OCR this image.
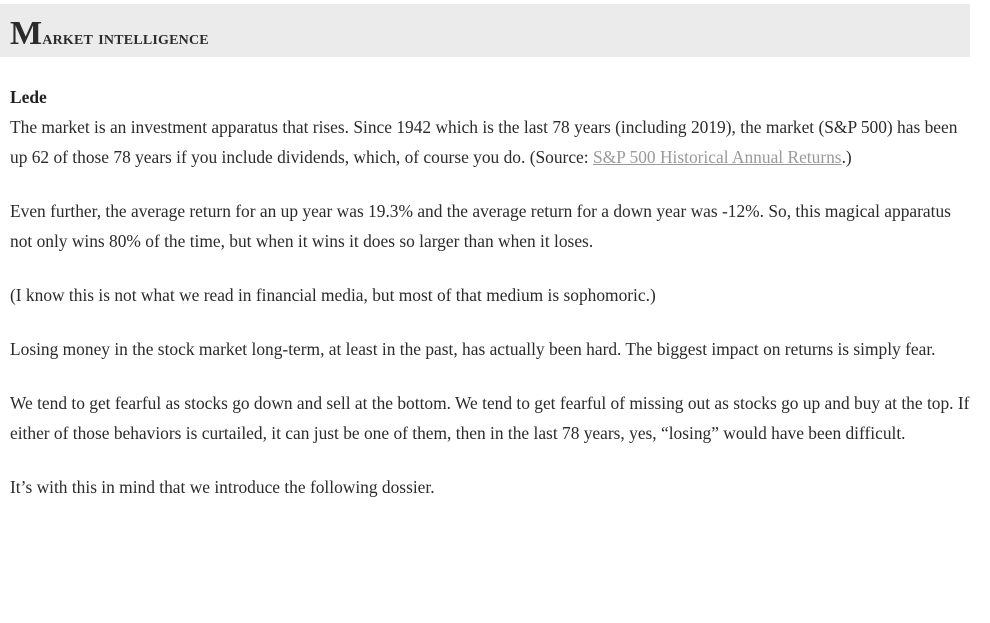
Market intelligence
Lede

The market is an investment apparatus that rises. Since 1942 which is the last 78 years (including 2019), the market (S&P 500) has been up 62 of those 78 years if you include dividends, which, of course you do. (Source: S&P 500 Historical Annual Returns.)

Even further, the average return for an up year was 19.3% and the average return for a down year was -12%. So, this magical apparatus not only wins 80% of the time, but when it wins it does so larger than when it loses.

(I know this is not what we read in financial media, but most of that medium is sophomoric.)

Losing money in the stock market long-term, at least in the past, has actually been hard. The biggest impact on returns is simply fear.

We tend to get fearful as stocks go down and sell at the bottom. We tend to get fearful of missing out as stocks go up and buy at the top. If either of those behaviors is curtailed, it can just be one of them, then in the last 78 years, yes, “losing” would have been difficult.

It’s with this in mind that we introduce the following dossier.
